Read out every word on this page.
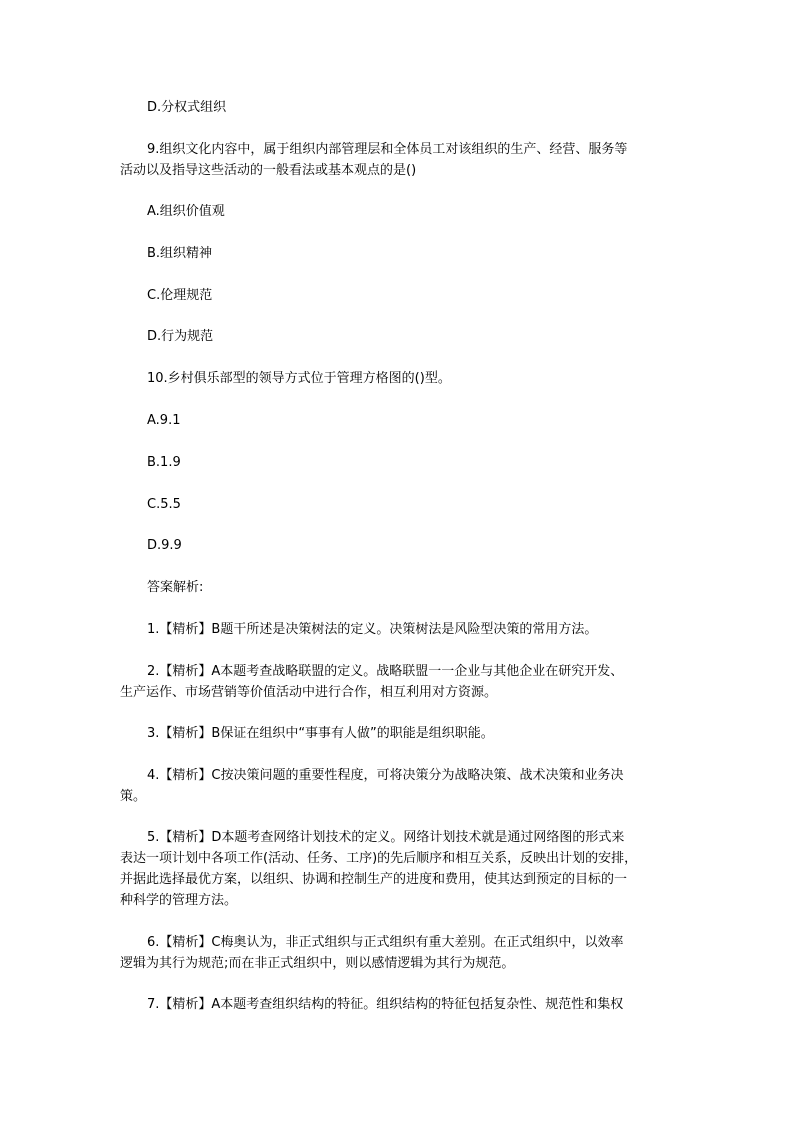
D.分权式组织
9.组织文化内容中，属于组织内部管理层和全体员工对该组织的生产、经营、服务等
活动以及指导这些活动的一般看法或基本观点的是()
A.组织价值观
B.组织精神
C.伦理规范
D.行为规范
10.乡村俱乐部型的领导方式位于管理方格图的()型。
A.9.1
B.1.9
C.5.5
D.9.9
答案解析:
1.【精析】B题干所述是决策树法的定义。决策树法是风险型决策的常用方法。
2.【精析】A本题考查战略联盟的定义。战略联盟一一企业与其他企业在研究开发、
生产运作、市场营销等价值活动中进行合作，相互利用对方资源。
3.【精析】B保证在组织中“事事有人做”的职能是组织职能。
4.【精析】C按决策问题的重要性程度，可将决策分为战略决策、战术决策和业务决
策。
5.【精析】D本题考查网络计划技术的定义。网络计划技术就是通过网络图的形式来
表达一项计划中各项工作(活动、任务、工序)的先后顺序和相互关系，反映出计划的安排，
并据此选择最优方案，以组织、协调和控制生产的进度和费用，使其达到预定的目标的一
种科学的管理方法。
6.【精析】C梅奥认为，非正式组织与正式组织有重大差别。在正式组织中，以效率
逻辑为其行为规范;而在非正式组织中，则以感情逻辑为其行为规范。
7.【精析】A本题考查组织结构的特征。组织结构的特征包括复杂性、规范性和集权
